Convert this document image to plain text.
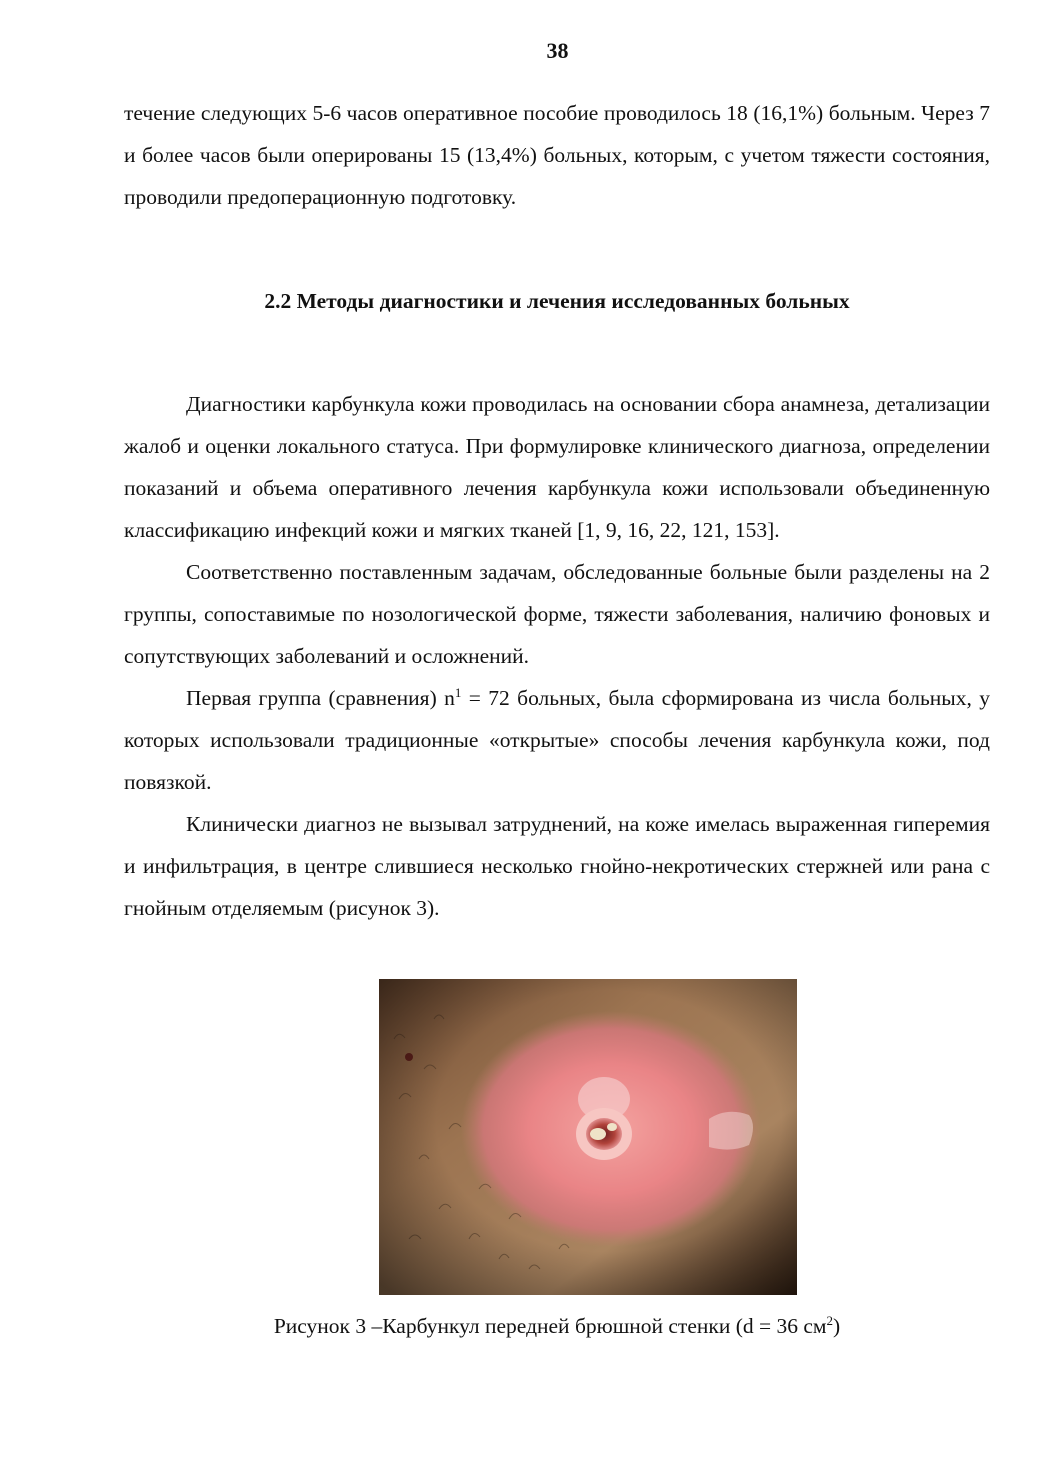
38

течение следующих 5-6 часов оперативное пособие проводилось 18 (16,1%) больным. Через 7 и более часов были оперированы 15 (13,4%) больных, которым, с учетом тяжести состояния, проводили предоперационную подготовку.

2.2 Методы диагностики и лечения исследованных больных

Диагностики карбункула кожи проводилась на основании сбора анамнеза, детализации жалоб и оценки локального статуса. При формулировке клинического диагноза, определении показаний и объема оперативного лечения карбункула кожи использовали объединенную классификацию инфекций кожи и мягких тканей [1, 9, 16, 22, 121, 153].

Соответственно поставленным задачам, обследованные больные были разделены на 2 группы, сопоставимые по нозологической форме, тяжести заболевания, наличию фоновых и сопутствующих заболеваний и осложнений.

Первая группа (сравнения) $n^1 = 72$ больных, была сформирована из числа больных, у которых использовали традиционные «открытые» способы лечения карбункула кожи, под повязкой.

Клинически диагноз не вызывал затруднений, на коже имелась выраженная гиперемия и инфильтрация, в центре слившиеся несколько гнойно-некротических стержней или рана с гнойным отделяемым (рисунок 3).

Рисунок 3 –Карбункул передней брюшной стенки (d = 36 $см^2$)
